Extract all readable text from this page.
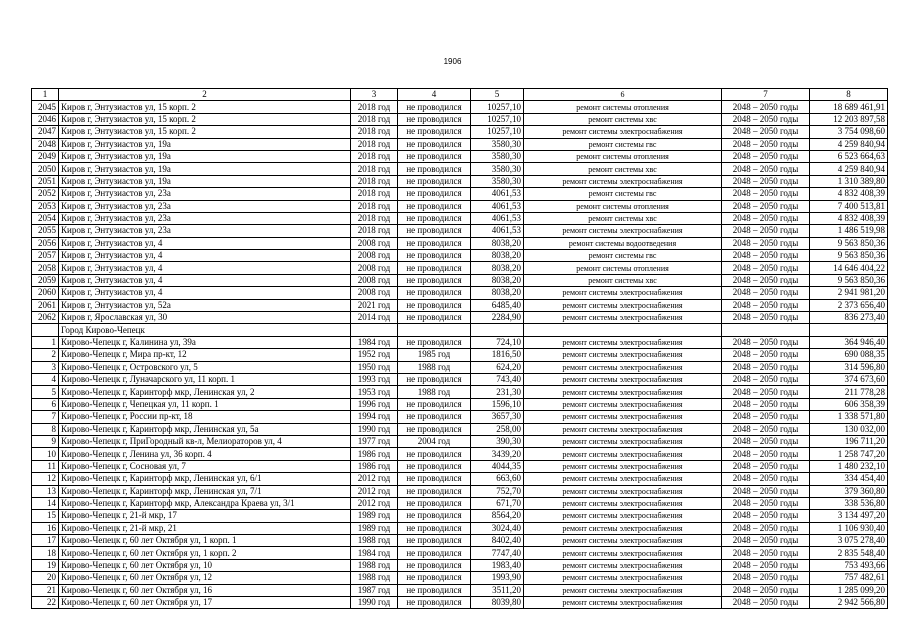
1906
1	2	3	4	5	6	7	8
2045	Киров г, Энтузиастов ул, 15 корп. 2	2018 год	не проводился	10257,10	ремонт системы отопления	2048 – 2050 годы	18 689 461,91
2046	Киров г, Энтузиастов ул, 15 корп. 2	2018 год	не проводился	10257,10	ремонт системы хвс	2048 – 2050 годы	12 203 897,58
2047	Киров г, Энтузиастов ул, 15 корп. 2	2018 год	не проводился	10257,10	ремонт системы электроснабжения	2048 – 2050 годы	3 754 098,60
2048	Киров г, Энтузиастов ул, 19а	2018 год	не проводился	3580,30	ремонт системы гвс	2048 – 2050 годы	4 259 840,94
2049	Киров г, Энтузиастов ул, 19а	2018 год	не проводился	3580,30	ремонт системы отопления	2048 – 2050 годы	6 523 664,63
2050	Киров г, Энтузиастов ул, 19а	2018 год	не проводился	3580,30	ремонт системы хвс	2048 – 2050 годы	4 259 840,94
2051	Киров г, Энтузиастов ул, 19а	2018 год	не проводился	3580,30	ремонт системы электроснабжения	2048 – 2050 годы	1 310 389,80
2052	Киров г, Энтузиастов ул, 23а	2018 год	не проводился	4061,53	ремонт системы гвс	2048 – 2050 годы	4 832 408,39
2053	Киров г, Энтузиастов ул, 23а	2018 год	не проводился	4061,53	ремонт системы отопления	2048 – 2050 годы	7 400 513,81
2054	Киров г, Энтузиастов ул, 23а	2018 год	не проводился	4061,53	ремонт системы хвс	2048 – 2050 годы	4 832 408,39
2055	Киров г, Энтузиастов ул, 23а	2018 год	не проводился	4061,53	ремонт системы электроснабжения	2048 – 2050 годы	1 486 519,98
2056	Киров г, Энтузиастов ул, 4	2008 год	не проводился	8038,20	ремонт системы водоотведения	2048 – 2050 годы	9 563 850,36
2057	Киров г, Энтузиастов ул, 4	2008 год	не проводился	8038,20	ремонт системы гвс	2048 – 2050 годы	9 563 850,36
2058	Киров г, Энтузиастов ул, 4	2008 год	не проводился	8038,20	ремонт системы отопления	2048 – 2050 годы	14 646 404,22
2059	Киров г, Энтузиастов ул, 4	2008 год	не проводился	8038,20	ремонт системы хвс	2048 – 2050 годы	9 563 850,36
2060	Киров г, Энтузиастов ул, 4	2008 год	не проводился	8038,20	ремонт системы электроснабжения	2048 – 2050 годы	2 941 981,20
2061	Киров г, Энтузиастов ул, 52а	2021 год	не проводился	6485,40	ремонт системы электроснабжения	2048 – 2050 годы	2 373 656,40
2062	Киров г, Ярославская ул, 30	2014 год	не проводился	2284,90	ремонт системы электроснабжения	2048 – 2050 годы	836 273,40
	Город Кирово-Чепецк						
1	Кирово-Чепецк г, Калинина ул, 39а	1984 год	не проводился	724,10	ремонт системы электроснабжения	2048 – 2050 годы	364 946,40
2	Кирово-Чепецк г, Мира пр-кт, 12	1952 год	1985 год	1816,50	ремонт системы электроснабжения	2048 – 2050 годы	690 088,35
3	Кирово-Чепецк г, Островского ул, 5	1950 год	1988 год	624,20	ремонт системы электроснабжения	2048 – 2050 годы	314 596,80
4	Кирово-Чепецк г, Луначарского ул, 11 корп. 1	1993 год	не проводился	743,40	ремонт системы электроснабжения	2048 – 2050 годы	374 673,60
5	Кирово-Чепецк г, Каринторф мкр, Ленинская ул, 2	1953 год	1988 год	231,30	ремонт системы электроснабжения	2048 – 2050 годы	211 778,28
6	Кирово-Чепецк г, Чепецкая ул, 11 корп. 1	1996 год	не проводился	1596,10	ремонт системы электроснабжения	2048 – 2050 годы	606 358,39
7	Кирово-Чепецк г, России пр-кт, 18	1994 год	не проводился	3657,30	ремонт системы электроснабжения	2048 – 2050 годы	1 338 571,80
8	Кирово-Чепецк г, Каринторф мкр, Ленинская ул, 5а	1990 год	не проводился	258,00	ремонт системы электроснабжения	2048 – 2050 годы	130 032,00
9	Кирово-Чепецк г, ПриГородный кв-л, Мелиораторов ул, 4	1977 год	2004 год	390,30	ремонт системы электроснабжения	2048 – 2050 годы	196 711,20
10	Кирово-Чепецк г, Ленина ул, 36 корп. 4	1986 год	не проводился	3439,20	ремонт системы электроснабжения	2048 – 2050 годы	1 258 747,20
11	Кирово-Чепецк г, Сосновая ул, 7	1986 год	не проводился	4044,35	ремонт системы электроснабжения	2048 – 2050 годы	1 480 232,10
12	Кирово-Чепецк г, Каринторф мкр, Ленинская ул, 6/1	2012 год	не проводился	663,60	ремонт системы электроснабжения	2048 – 2050 годы	334 454,40
13	Кирово-Чепецк г, Каринторф мкр, Ленинская ул, 7/1	2012 год	не проводился	752,70	ремонт системы электроснабжения	2048 – 2050 годы	379 360,80
14	Кирово-Чепецк г, Каринторф мкр, Александра Краева ул, 3/1	2012 год	не проводился	671,70	ремонт системы электроснабжения	2048 – 2050 годы	338 536,80
15	Кирово-Чепецк г, 21-й мкр, 17	1989 год	не проводился	8564,20	ремонт системы электроснабжения	2048 – 2050 годы	3 134 497,20
16	Кирово-Чепецк г, 21-й мкр, 21	1989 год	не проводился	3024,40	ремонт системы электроснабжения	2048 – 2050 годы	1 106 930,40
17	Кирово-Чепецк г, 60 лет Октября ул, 1 корп. 1	1988 год	не проводился	8402,40	ремонт системы электроснабжения	2048 – 2050 годы	3 075 278,40
18	Кирово-Чепецк г, 60 лет Октября ул, 1 корп. 2	1984 год	не проводился	7747,40	ремонт системы электроснабжения	2048 – 2050 годы	2 835 548,40
19	Кирово-Чепецк г, 60 лет Октября ул, 10	1988 год	не проводился	1983,40	ремонт системы электроснабжения	2048 – 2050 годы	753 493,66
20	Кирово-Чепецк г, 60 лет Октября ул, 12	1988 год	не проводился	1993,90	ремонт системы электроснабжения	2048 – 2050 годы	757 482,61
21	Кирово-Чепецк г, 60 лет Октября ул, 16	1987 год	не проводился	3511,20	ремонт системы электроснабжения	2048 – 2050 годы	1 285 099,20
22	Кирово-Чепецк г, 60 лет Октября ул, 17	1990 год	не проводился	8039,80	ремонт системы электроснабжения	2048 – 2050 годы	2 942 566,80
